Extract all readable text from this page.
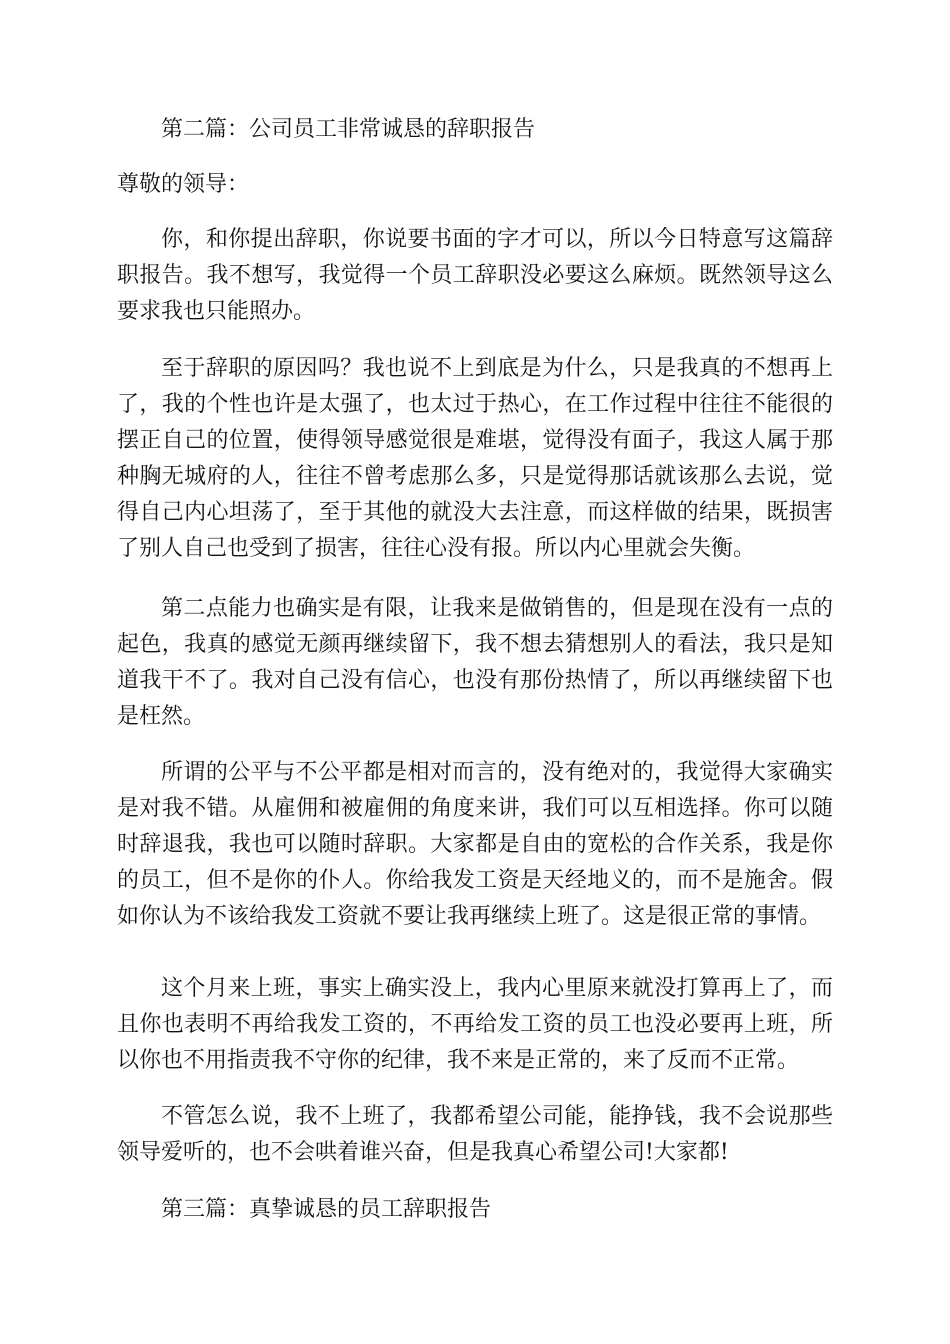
第二篇：公司员工非常诚恳的辞职报告

尊敬的领导：

你，和你提出辞职，你说要书面的字才可以，所以今日特意写这篇辞职报告。我不想写，我觉得一个员工辞职没必要这么麻烦。既然领导这么要求我也只能照办。

至于辞职的原因吗？我也说不上到底是为什么，只是我真的不想再上了，我的个性也许是太强了，也太过于热心，在工作过程中往往不能很的摆正自己的位置，使得领导感觉很是难堪，觉得没有面子，我这人属于那种胸无城府的人，往往不曾考虑那么多，只是觉得那话就该那么去说，觉得自己内心坦荡了，至于其他的就没大去注意，而这样做的结果，既损害了别人自己也受到了损害，往往心没有报。所以内心里就会失衡。

第二点能力也确实是有限，让我来是做销售的，但是现在没有一点的起色，我真的感觉无颜再继续留下，我不想去猜想别人的看法，我只是知道我干不了。我对自己没有信心，也没有那份热情了，所以再继续留下也是枉然。

所谓的公平与不公平都是相对而言的，没有绝对的，我觉得大家确实是对我不错。从雇佣和被雇佣的角度来讲，我们可以互相选择。你可以随时辞退我，我也可以随时辞职。大家都是自由的宽松的合作关系，我是你的员工，但不是你的仆人。你给我发工资是天经地义的，而不是施舍。假如你认为不该给我发工资就不要让我再继续上班了。这是很正常的事情。

这个月来上班，事实上确实没上，我内心里原来就没打算再上了，而且你也表明不再给我发工资的，不再给发工资的员工也没必要再上班，所以你也不用指责我不守你的纪律，我不来是正常的，来了反而不正常。

不管怎么说，我不上班了，我都希望公司能，能挣钱，我不会说那些领导爱听的，也不会哄着谁兴奋，但是我真心希望公司!大家都!

第三篇：真挚诚恳的员工辞职报告
